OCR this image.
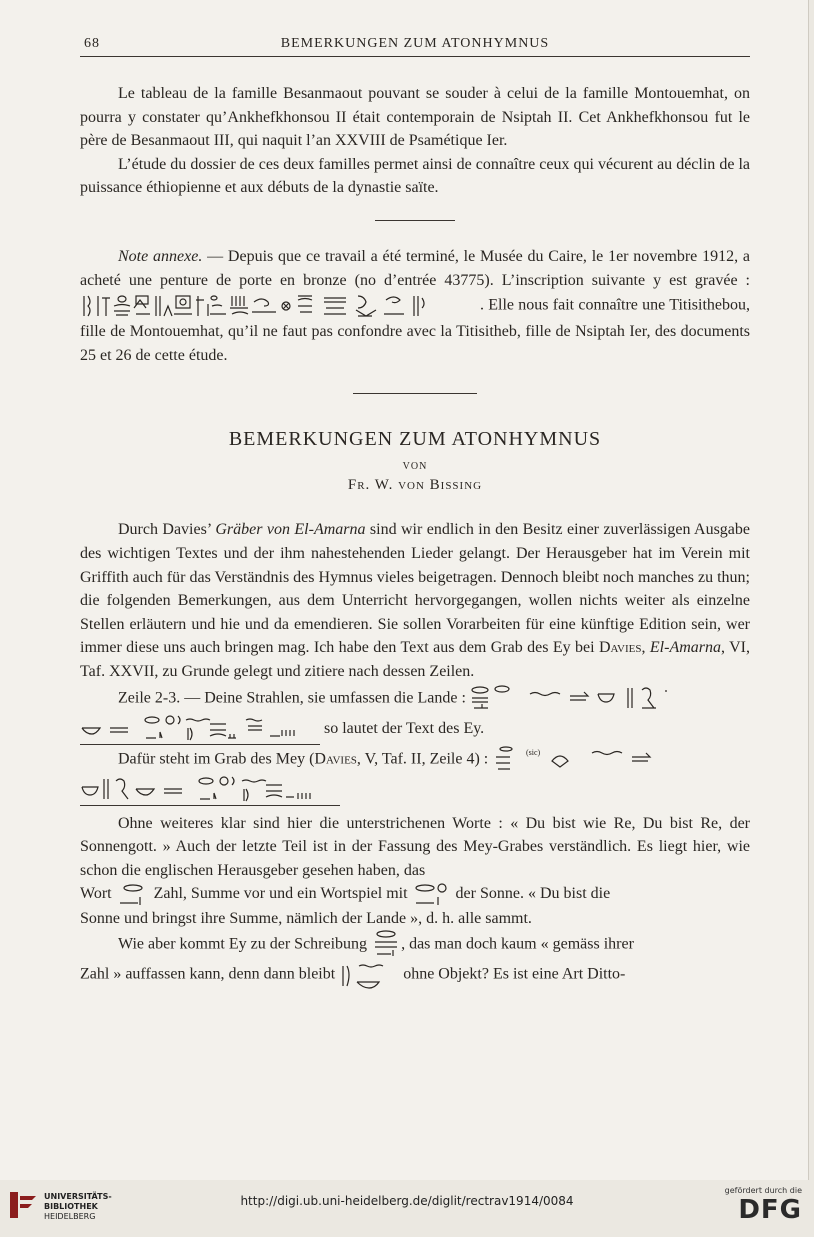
68	BEMERKUNGEN ZUM ATONHYMNUS

Le tableau de la famille Besanmaout pouvant se souder à celui de la famille Montouemhat, on pourra y constater qu’Ankhefkhonsou II était contemporain de Nsiptah II. Cet Ankhefkhonsou fut le père de Besanmaout III, qui naquit l’an XXVIII de Psamétique Ier.

L’étude du dossier de ces deux familles permet ainsi de connaître ceux qui vécurent au déclin de la puissance éthiopienne et aux débuts de la dynastie saïte.

Note annexe. — Depuis que ce travail a été terminé, le Musée du Caire, le 1er novembre 1912, a acheté une penture de porte en bronze (no d’entrée 43775). L’inscription suivante y est gravée :
. Elle nous fait connaître une Titisithebou, fille de Montouemhat, qu’il ne faut pas confondre avec la Titisitheb, fille de Nsiptah Ier, des documents 25 et 26 de cette étude.

BEMERKUNGEN ZUM ATONHYMNUS
VON
Fr. W. von Bissing

Durch Davies’ Gräber von El-Amarna sind wir endlich in den Besitz einer zuverlässigen Ausgabe des wichtigen Textes und der ihm nahestehenden Lieder gelangt. Der Herausgeber hat im Verein mit Griffith auch für das Verständnis des Hymnus vieles beigetragen. Dennoch bleibt noch manches zu thun; die folgenden Bemerkungen, aus dem Unterricht hervorgegangen, wollen nichts weiter als einzelne Stellen erläutern und hie und da emendieren. Sie sollen Vorarbeiten für eine künftige Edition sein, wer immer diese uns auch bringen mag. Ich habe den Text aus dem Grab des Ey bei Davies, El-Amarna, VI, Taf. XXVII, zu Grunde gelegt und zitiere nach dessen Zeilen.

Zeile 2-3. — Deine Strahlen, sie umfassen die Lande :
so lautet der Text des Ey.

Dafür steht im Grab des Mey (Davies, V, Taf. II, Zeile 4) :	(sic)

Ohne weiteres klar sind hier die unterstrichenen Worte : « Du bist wie Re, Du bist Re, der Sonnengott. » Auch der letzte Teil ist in der Fassung des Mey-Grabes verständlich. Es liegt hier, wie schon die englischen Herausgeber gesehen haben, das

Wort	Zahl, Summe vor und ein Wortspiel mit	der Sonne. « Du bist die

Sonne und bringst ihre Summe, nämlich der Lande », d. h. alle sammt.

Wie aber kommt Ey zu der Schreibung , das man doch kaum « gemäss ihrer

Zahl » auffassen kann, denn dann bleibt	ohne Objekt? Es ist eine Art Ditto-

UNIVERSITÄTS-
BIBLIOTHEK
HEIDELBERG
http://digi.ub.uni-heidelberg.de/diglit/rectrav1914/0084
gefördert durch die
DFG
